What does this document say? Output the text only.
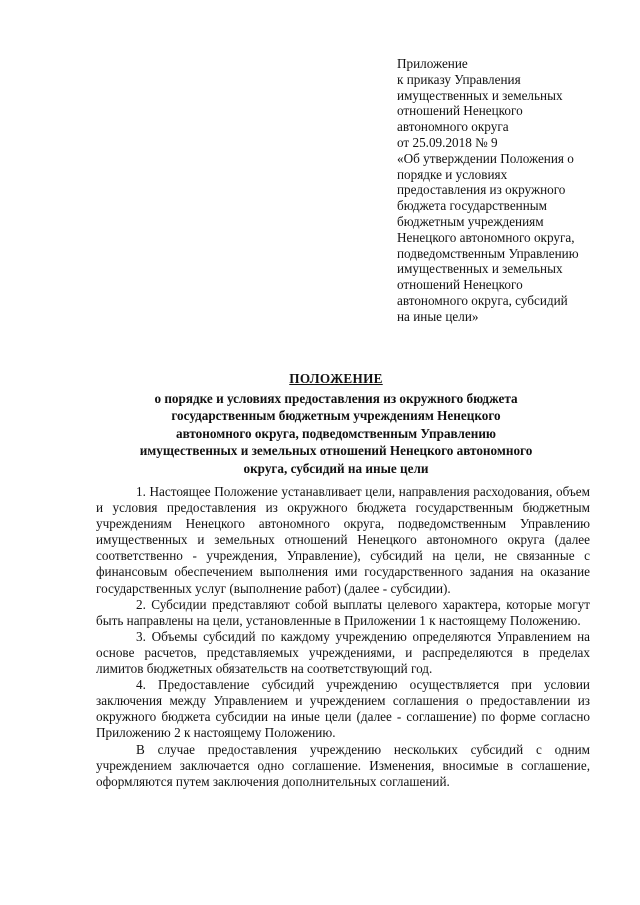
Приложение
к приказу Управления
имущественных и земельных
отношений Ненецкого
автономного округа
от 25.09.2018 № 9
«Об утверждении Положения о
порядке и условиях
предоставления из окружного
бюджета государственным
бюджетным учреждениям
Ненецкого автономного округа,
подведомственным Управлению
имущественных и земельных
отношений Ненецкого
автономного округа, субсидий
на иные цели»
ПОЛОЖЕНИЕ
о порядке и условиях предоставления из окружного бюджета
государственным бюджетным учреждениям Ненецкого
автономного округа, подведомственным Управлению
имущественных и земельных отношений Ненецкого автономного
округа, субсидий на иные цели

1. Настоящее Положение устанавливает цели, направления расходования, объем и условия предоставления из окружного бюджета государственным бюджетным учреждениям Ненецкого автономного округа, подведомственным Управлению имущественных и земельных отношений Ненецкого автономного округа (далее соответственно - учреждения, Управление), субсидий на цели, не связанные с финансовым обеспечением выполнения ими государственного задания на оказание государственных услуг (выполнение работ) (далее - субсидии).

2. Субсидии представляют собой выплаты целевого характера, которые могут быть направлены на цели, установленные в Приложении 1 к настоящему Положению.

3. Объемы субсидий по каждому учреждению определяются Управлением на основе расчетов, представляемых учреждениями, и распределяются в пределах лимитов бюджетных обязательств на соответствующий год.

4. Предоставление субсидий учреждению осуществляется при условии заключения между Управлением и учреждением соглашения о предоставлении из окружного бюджета субсидии на иные цели (далее - соглашение) по форме согласно Приложению 2 к настоящему Положению.

В случае предоставления учреждению нескольких субсидий с одним учреждением заключается одно соглашение. Изменения, вносимые в соглашение, оформляются путем заключения дополнительных соглашений.
